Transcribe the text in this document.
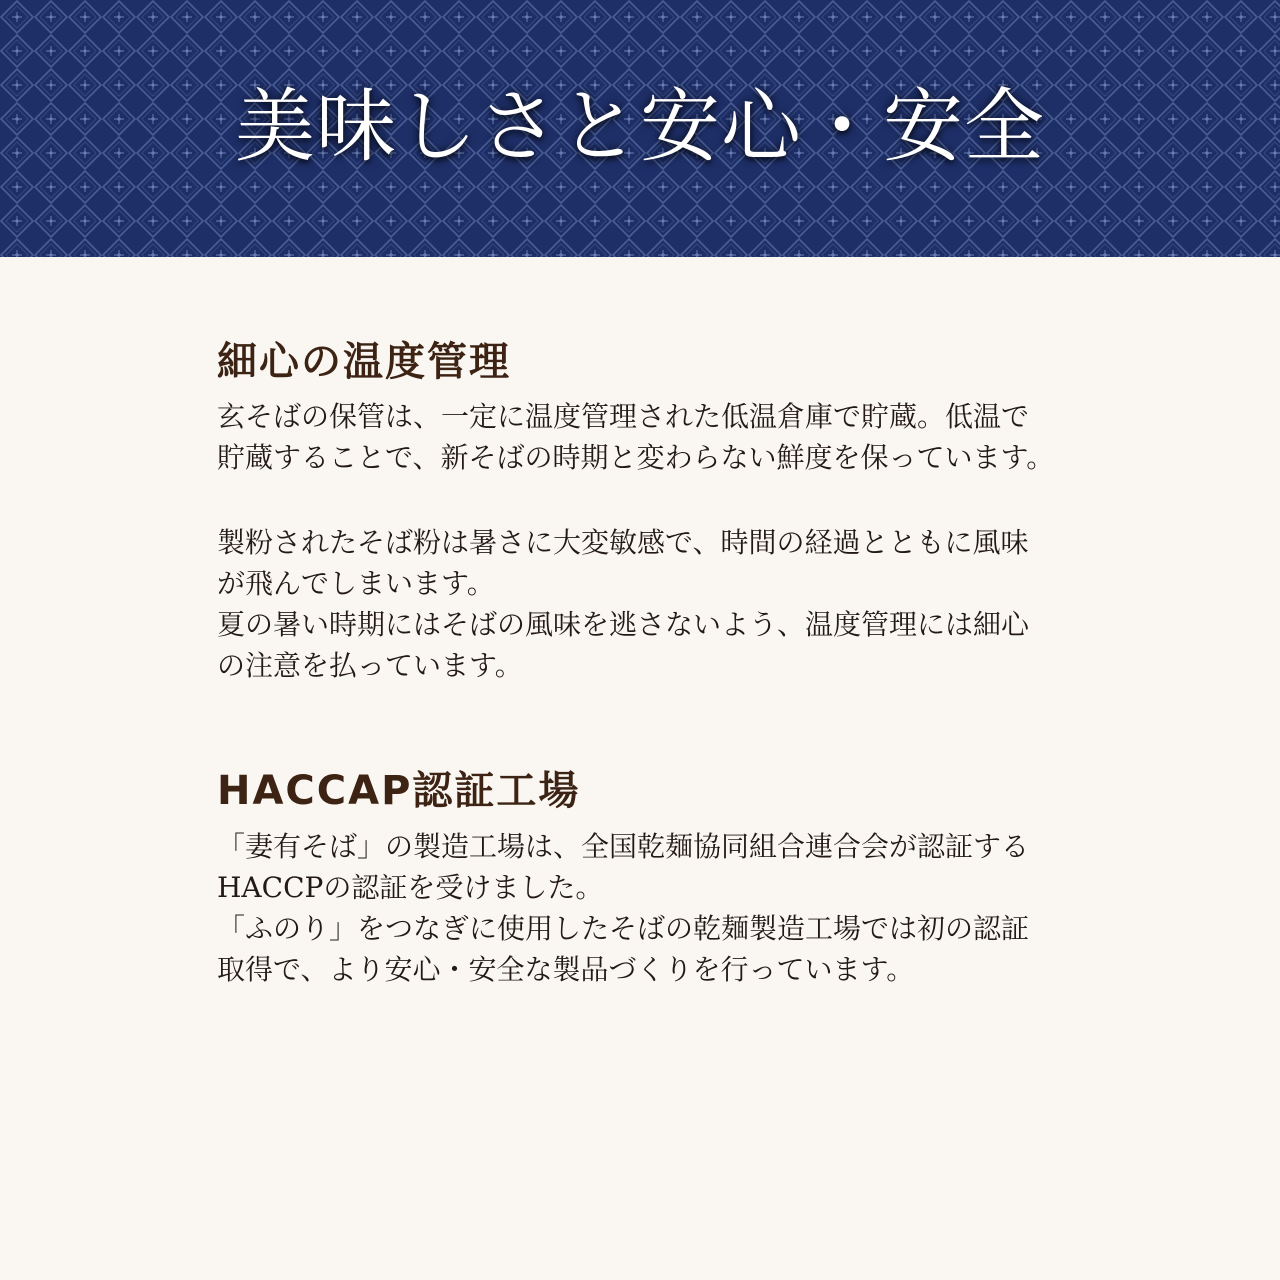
美味しさと安心・安全
細心の温度管理

玄そばの保管は、一定に温度管理された低温倉庫で貯蔵。低温で

貯蔵することで、新そばの時期と変わらない鮮度を保っています。

製粉されたそば粉は暑さに大変敏感で、時間の経過とともに風味

が飛んでしまいます。

夏の暑い時期にはそばの風味を逃さないよう、温度管理には細心

の注意を払っています。

HACCAP認証工場

「妻有そば」の製造工場は、全国乾麺協同組合連合会が認証する

HACCPの認証を受けました。

「ふのり」をつなぎに使用したそばの乾麺製造工場では初の認証

取得で、より安心・安全な製品づくりを行っています。
